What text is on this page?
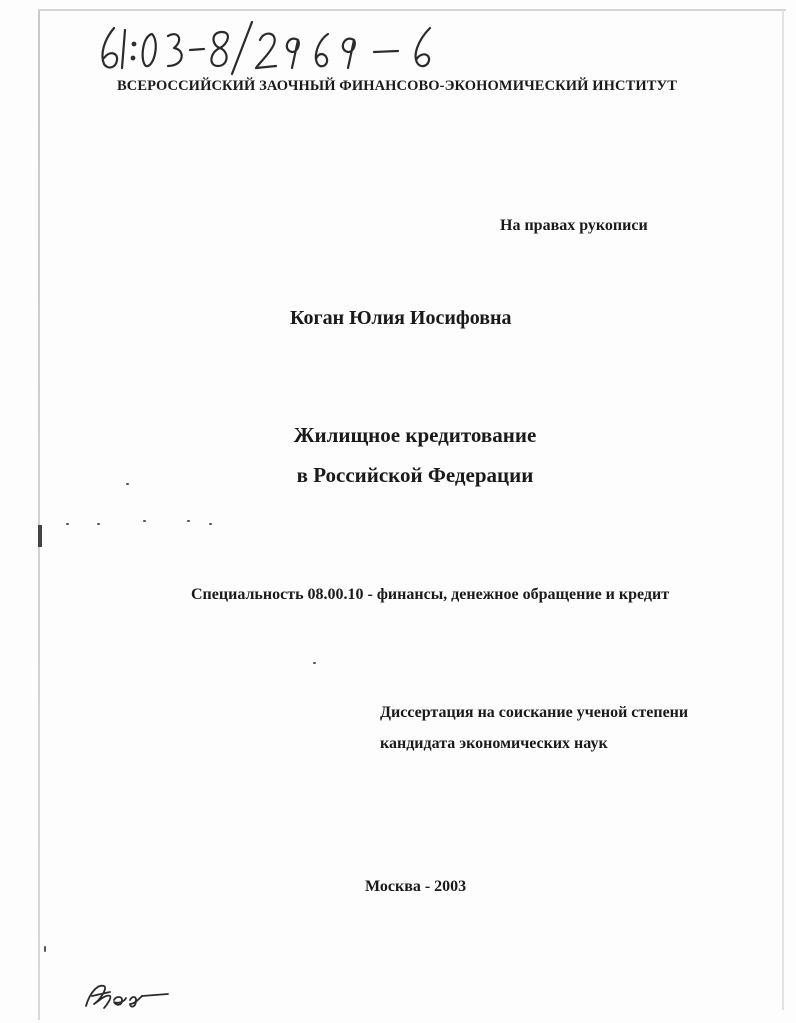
ВСЕРОССИЙСКИЙ ЗАОЧНЫЙ ФИНАНСОВО-ЭКОНОМИЧЕСКИЙ ИНСТИТУТ
На правах рукописи
Коган Юлия Иосифовна
Жилищное кредитование
в Российской Федерации
Специальность 08.00.10 - финансы, денежное обращение и кредит
Диссертация на соискание ученой степени
кандидата экономических наук
Москва - 2003
